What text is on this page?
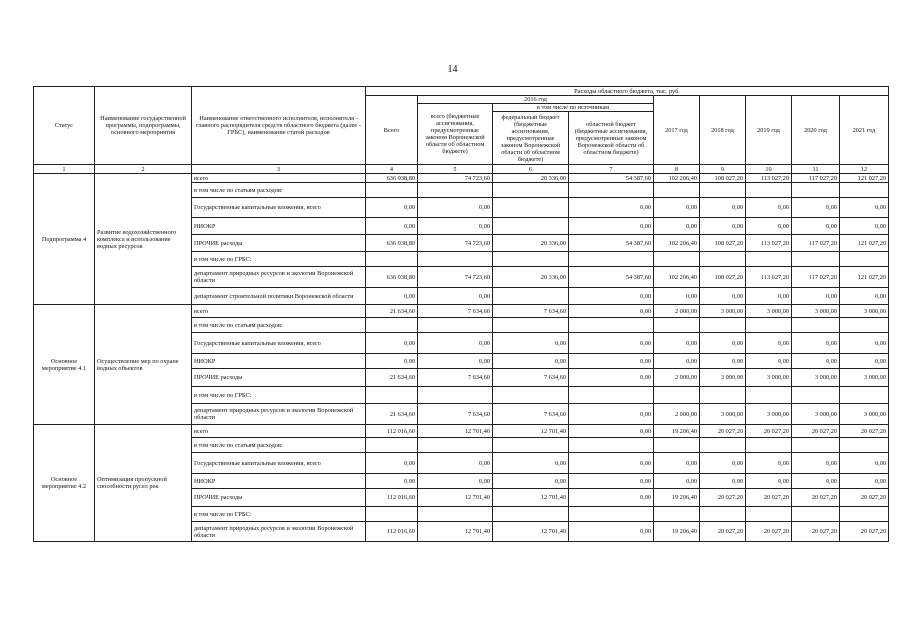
14
Статус	Наименование государственной программы, подпрограммы, основного мероприятия	Наименование ответственного исполнителя, исполнителя - главного распорядителя средств областного бюджета (далее - ГРБС), наименование статей расходов	Расходы областного бюджета, тыс. руб.								
			Всего	2016 год			2017 год	2018 год	2019 год	2020 год	2021 год
				всего (бюджетные ассигнования, предусмотренные законом Воронежской области об областном бюджете)	в том числе по источникам						
					федеральный бюджет (бюджетные ассигнования, предусмотренные законом Воронежской области об областном бюджете)	областной бюджет (бюджетные ассигнования, предусмотренные законом Воронежской области об областном бюджете)					
1	2	3	4	5	6	7	8	9	10	11	12
Подпрограмма 4	Развитие водохозяйственного комплекса и использование водных ресурсов	всего	636 038,80	74 723,60	20 336,00	54 387,60	102 206,40	108 027,20	113 027,20	117 027,20	121 027,20
		в том числе по статьям расходов:									
		Государственные капитальные вложения, всего	0,00	0,00		0,00	0,00	0,00	0,00	0,00	0,00
		НИОКР	0,00	0,00		0,00	0,00	0,00	0,00	0,00	0,00
		ПРОЧИЕ расходы	636 038,80	74 723,60	20 336,00	54 387,60	102 206,40	108 027,20	113 027,20	117 027,20	121 027,20
		в том числе по ГРБС:									
		департамент природных ресурсов и экологии Воронежской области	636 038,80	74 723,60	20 336,00	54 387,60	102 206,40	108 027,20	113 027,20	117 027,20	121 027,20
		департамент строительной политики Воронежской области	0,00	0,00		0,00	0,00	0,00	0,00	0,00	0,00
Основное мероприятие 4.1	Осуществление мер по охране водных объектов	всего	21 634,60	7 634,60	7 634,60	0,00	2 000,00	3 000,00	3 000,00	3 000,00	3 000,00
		в том числе по статьям расходов:									
		Государственные капитальные вложения, всего	0,00	0,00	0,00	0,00	0,00	0,00	0,00	0,00	0,00
		НИОКР	0,00	0,00	0,00	0,00	0,00	0,00	0,00	0,00	0,00
		ПРОЧИЕ расходы	21 634,60	7 634,60	7 634,60	0,00	2 000,00	3 000,00	3 000,00	3 000,00	3 000,00
		в том числе по ГРБС:									
		департамент природных ресурсов и экологии Воронежской области	21 634,60	7 634,60	7 634,60	0,00	2 000,00	3 000,00	3 000,00	3 000,00	3 000,00
Основное мероприятие 4.2	Оптимизация пропускной способности русел рек	всего	112 016,60	12 701,40	12 701,40	0,00	19 206,40	20 027,20	20 027,20	20 027,20	20 027,20
		в том числе по статьям расходов:									
		Государственные капитальные вложения, всего	0,00	0,00	0,00	0,00	0,00	0,00	0,00	0,00	0,00
		НИОКР	0,00	0,00	0,00	0,00	0,00	0,00	0,00	0,00	0,00
		ПРОЧИЕ расходы	112 016,60	12 701,40	12 701,40	0,00	19 206,40	20 027,20	20 027,20	20 027,20	20 027,20
		в том числе по ГРБС:									
		департамент природных ресурсов и экологии Воронежской области	112 016,60	12 701,40	12 701,40	0,00	19 206,40	20 027,20	20 027,20	20 027,20	20 027,20
